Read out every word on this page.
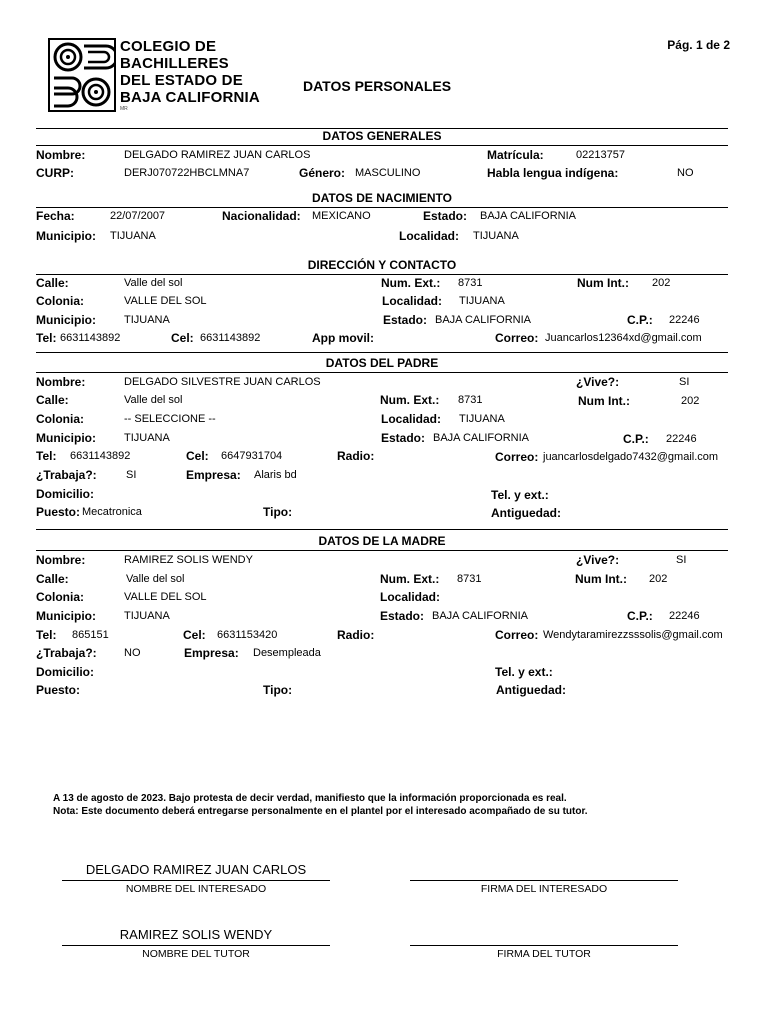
COLEGIO DE
BACHILLERES
DEL ESTADO DE
BAJA CALIFORNIA
MR
DATOS PERSONALES
Pág. 1 de 2
DATOS GENERALES
Nombre:	DELGADO RAMIREZ JUAN CARLOS	Matrícula:	02213757
CURP:	DERJ070722HBCLMNA7	Género: MASCULINO	Habla lengua indígena:	NO
DATOS DE NACIMIENTO
Fecha:	22/07/2007	Nacionalidad: MEXICANO	Estado: BAJA CALIFORNIA
Municipio: TIJUANA	Localidad: TIJUANA
DIRECCIÓN Y CONTACTO
Calle:	Valle del sol	Num. Ext.: 8731	Num Int.: 202
Colonia:	VALLE DEL SOL	Localidad: TIJUANA
Municipio:	TIJUANA	Estado: BAJA CALIFORNIA	C.P.: 22246
Tel: 6631143892	Cel: 6631143892	App movil:	Correo: Juancarlos12364xd@gmail.com
DATOS DEL PADRE
Nombre:	DELGADO SILVESTRE JUAN CARLOS	¿Vive?:	SI
Calle:	Valle del sol	Num. Ext.: 8731	Num Int.:	202
Colonia:	-- SELECCIONE --	Localidad: TIJUANA
Municipio:	TIJUANA	Estado: BAJA CALIFORNIA	C.P.: 22246
Tel: 6631143892	Cel: 6647931704	Radio:	Correo: juancarlosdelgado7432@gmail.com
¿Trabaja?:	SI	Empresa: Alaris bd
Domicilio:	Tel. y ext.:
Puesto: Mecatronica	Tipo:	Antiguedad:
DATOS DE LA MADRE
Nombre:	RAMIREZ SOLIS WENDY	¿Vive?:	SI
Calle:	Valle del sol	Num. Ext.: 8731	Num Int.: 202
Colonia:	VALLE DEL SOL	Localidad:
Municipio:	TIJUANA	Estado: BAJA CALIFORNIA	C.P.: 22246
Tel: 865151	Cel: 6631153420	Radio:	Correo: Wendytaramirezzsssolis@gmail.com
¿Trabaja?: NO	Empresa: Desempleada
Domicilio:	Tel. y ext.:
Puesto:	Tipo:	Antiguedad:
A 13 de agosto de 2023. Bajo protesta de decir verdad, manifiesto que la información proporcionada es real.
Nota: Este documento deberá entregarse personalmente en el plantel por el interesado acompañado de su tutor.
DELGADO RAMIREZ JUAN CARLOS
NOMBRE DEL INTERESADO	FIRMA DEL INTERESADO
RAMIREZ SOLIS WENDY
NOMBRE DEL TUTOR	FIRMA DEL TUTOR
